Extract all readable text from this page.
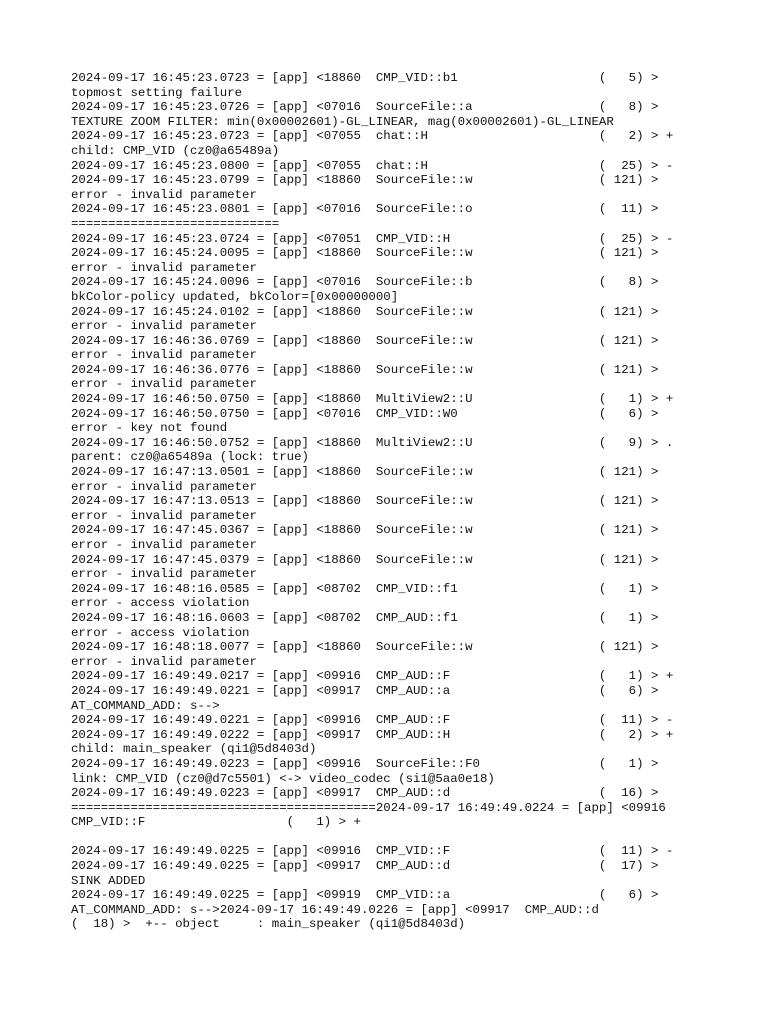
2024-09-17 16:45:23.0723 = [app] <18860  CMP_VID::b1                   (   5) >
topmost setting failure
2024-09-17 16:45:23.0726 = [app] <07016  SourceFile::a                 (   8) >
TEXTURE ZOOM FILTER: min(0x00002601)-GL_LINEAR, mag(0x00002601)-GL_LINEAR
2024-09-17 16:45:23.0723 = [app] <07055  chat::H                       (   2) > +
child: CMP_VID (cz0@a65489a)
2024-09-17 16:45:23.0800 = [app] <07055  chat::H                       (  25) > -
2024-09-17 16:45:23.0799 = [app] <18860  SourceFile::w                 ( 121) >
error - invalid parameter
2024-09-17 16:45:23.0801 = [app] <07016  SourceFile::o                 (  11) >
============================
2024-09-17 16:45:23.0724 = [app] <07051  CMP_VID::H                    (  25) > -
2024-09-17 16:45:24.0095 = [app] <18860  SourceFile::w                 ( 121) >
error - invalid parameter
2024-09-17 16:45:24.0096 = [app] <07016  SourceFile::b                 (   8) >
bkColor-policy updated, bkColor=[0x00000000]
2024-09-17 16:45:24.0102 = [app] <18860  SourceFile::w                 ( 121) >
error - invalid parameter
2024-09-17 16:46:36.0769 = [app] <18860  SourceFile::w                 ( 121) >
error - invalid parameter
2024-09-17 16:46:36.0776 = [app] <18860  SourceFile::w                 ( 121) >
error - invalid parameter
2024-09-17 16:46:50.0750 = [app] <18860  MultiView2::U                 (   1) > +
2024-09-17 16:46:50.0750 = [app] <07016  CMP_VID::W0                   (   6) >
error - key not found
2024-09-17 16:46:50.0752 = [app] <18860  MultiView2::U                 (   9) > .
parent: cz0@a65489a (lock: true)
2024-09-17 16:47:13.0501 = [app] <18860  SourceFile::w                 ( 121) >
error - invalid parameter
2024-09-17 16:47:13.0513 = [app] <18860  SourceFile::w                 ( 121) >
error - invalid parameter
2024-09-17 16:47:45.0367 = [app] <18860  SourceFile::w                 ( 121) >
error - invalid parameter
2024-09-17 16:47:45.0379 = [app] <18860  SourceFile::w                 ( 121) >
error - invalid parameter
2024-09-17 16:48:16.0585 = [app] <08702  CMP_VID::f1                   (   1) >
error - access violation
2024-09-17 16:48:16.0603 = [app] <08702  CMP_AUD::f1                   (   1) >
error - access violation
2024-09-17 16:48:18.0077 = [app] <18860  SourceFile::w                 ( 121) >
error - invalid parameter
2024-09-17 16:49:49.0217 = [app] <09916  CMP_AUD::F                    (   1) > +
2024-09-17 16:49:49.0221 = [app] <09917  CMP_AUD::a                    (   6) >
AT_COMMAND_ADD: s-->
2024-09-17 16:49:49.0221 = [app] <09916  CMP_AUD::F                    (  11) > -
2024-09-17 16:49:49.0222 = [app] <09917  CMP_AUD::H                    (   2) > +
child: main_speaker (qi1@5d8403d)
2024-09-17 16:49:49.0223 = [app] <09916  SourceFile::F0                (   1) >
link: CMP_VID (cz0@d7c5501) <-> video_codec (si1@5aa0e18)
2024-09-17 16:49:49.0223 = [app] <09917  CMP_AUD::d                    (  16) >
=========================================2024-09-17 16:49:49.0224 = [app] <09916
CMP_VID::F                   (   1) > +
2024-09-17 16:49:49.0225 = [app] <09916  CMP_VID::F                    (  11) > -
2024-09-17 16:49:49.0225 = [app] <09917  CMP_AUD::d                    (  17) >
SINK ADDED
2024-09-17 16:49:49.0225 = [app] <09919  CMP_VID::a                    (   6) >
AT_COMMAND_ADD: s-->2024-09-17 16:49:49.0226 = [app] <09917  CMP_AUD::d
(  18) >  +-- object     : main_speaker (qi1@5d8403d)
